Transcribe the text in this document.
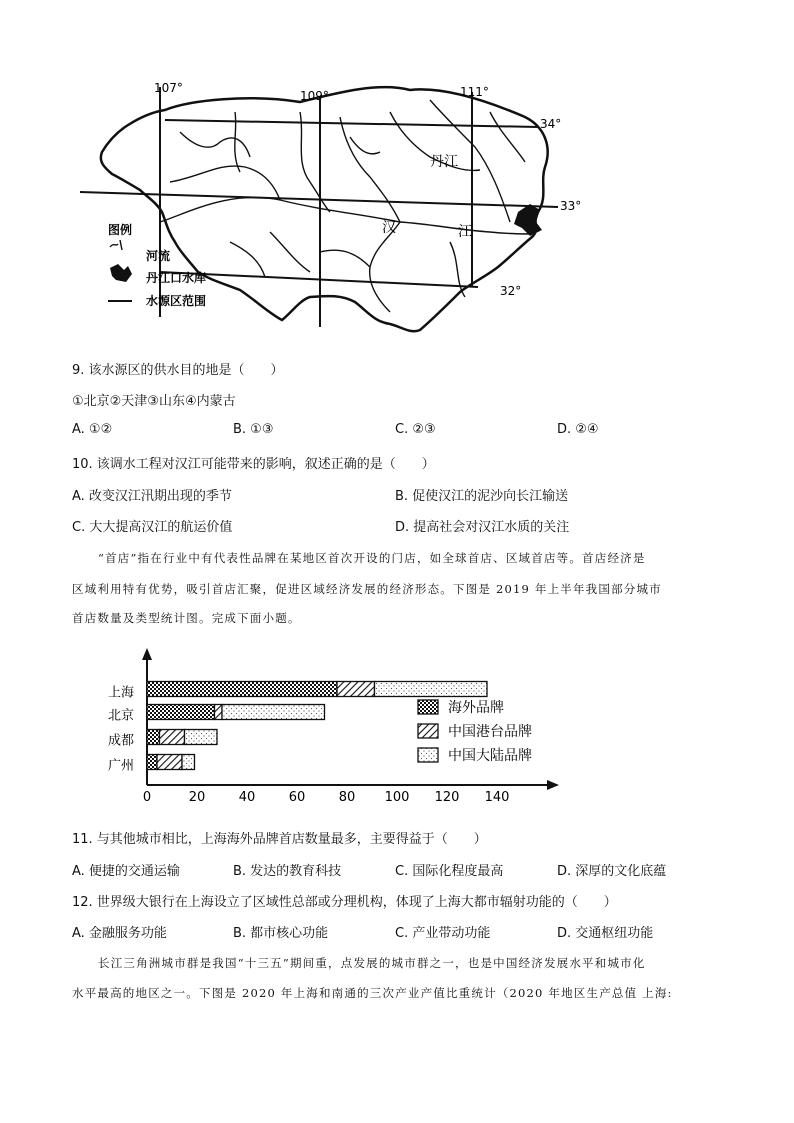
107°
109°	111°
34°
33°
32°
丹江
汉	江
图例
河流
丹江口水库
水源区范围
9. 该水源区的供水目的地是（　　）
①北京②天津③山东④内蒙古
A. ①②	B. ①③	C. ②③	D. ②④
10. 该调水工程对汉江可能带来的影响，叙述正确的是（　　）
A. 改变汉江汛期出现的季节	B. 促使汉江的泥沙向长江输送
C. 大大提高汉江的航运价值	D. 提高社会对汉江水质的关注
“首店”指在行业中有代表性品牌在某地区首次开设的门店，如全球首店、区域首店等。首店经济是
区域利用特有优势，吸引首店汇聚，促进区域经济发展的经济形态。下图是 2019 年上半年我国部分城市
首店数量及类型统计图。完成下面小题。
上海
北京
成都
广州
0	20	40	60	80 100 120 140
海外品牌
中国港台品牌
中国大陆品牌
11. 与其他城市相比，上海海外品牌首店数量最多，主要得益于（　　）
A. 便捷的交通运输	B. 发达的教育科技	C. 国际化程度最高	D. 深厚的文化底蕴
12. 世界级大银行在上海设立了区域性总部或分理机构，体现了上海大都市辐射功能的（　　）
A. 金融服务功能	B. 都市核心功能	C. 产业带动功能	D. 交通枢纽功能
长江三角洲城市群是我国“十三五”期间重，点发展的城市群之一，也是中国经济发展水平和城市化
水平最高的地区之一。下图是 2020 年上海和南通的三次产业产值比重统计（2020 年地区生产总值 上海:
